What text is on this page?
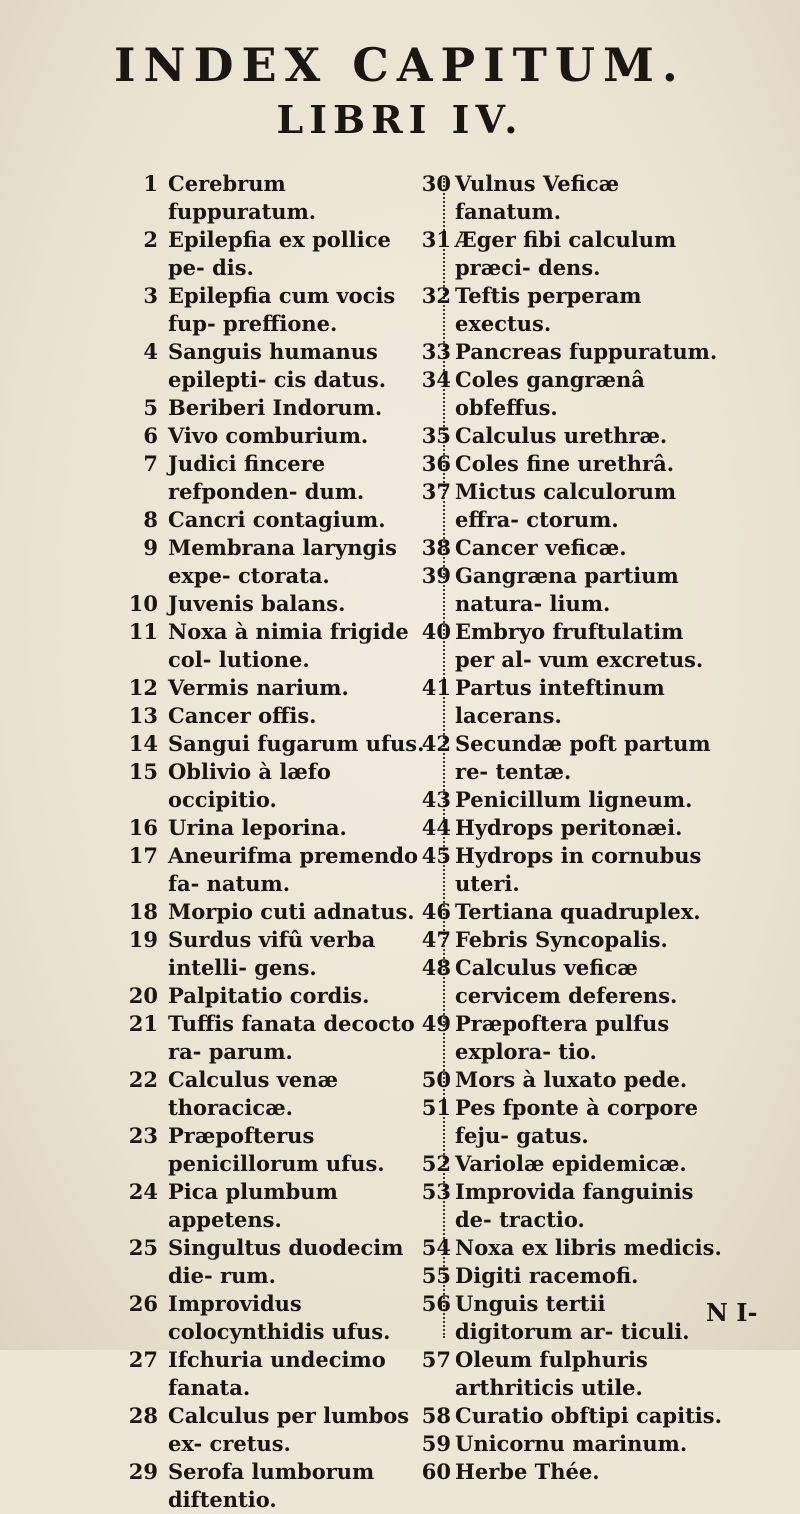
INDEX CAPITUM.
LIBRI IV.
1 Cerebrum fuppuratum.
2 Epilepfia ex pollice pe- dis.
3 Epilepfia cum vocis fup- preffione.
4 Sanguis humanus epilepti- cis datus.
5 Beriberi Indorum.
6 Vivo comburium.
7 Judici fincere refponden- dum.
8 Cancri contagium.
9 Membrana laryngis expe- ctorata.
10 Juvenis balans.
11 Noxa à nimia frigide col- lutione.
12 Vermis narium.
13 Cancer offis.
14 Sangui fugarum ufus.
15 Oblivio à læfo occipitio.
16 Urina leporina.
17 Aneurifma premendo fa- natum.
18 Morpio cuti adnatus.
19 Surdus vifû verba intelli- gens.
20 Palpitatio cordis.
21 Tuffis fanata decocto ra- parum.
22 Calculus venæ thoracicæ.
23 Præpofterus penicillorum ufus.
24 Pica plumbum appetens.
25 Singultus duodecim die- rum.
26 Improvidus colocynthidis ufus.
27 Ifchuria undecimo fanata.
28 Calculus per lumbos ex- cretus.
29 Serofa lumborum diftentio.
30 Vulnus Veficæ fanatum.
31 Æger fibi calculum præci- dens.
32 Teftis perperam exectus.
33 Pancreas fuppuratum.
34 Coles gangrænâ obfeffus.
35 Calculus urethræ.
36 Coles fine urethrâ.
37 Mictus calculorum effra- ctorum.
38 Cancer veficæ.
39 Gangræna partium natura- lium.
40 Embryo fruftulatim per al- vum excretus.
41 Partus inteftinum lacerans.
42 Secundæ poft partum re- tentæ.
43 Penicillum ligneum.
44 Hydrops peritonæi.
45 Hydrops in cornubus uteri.
46 Tertiana quadruplex.
47 Febris Syncopalis.
48 Calculus veficæ cervicem deferens.
49 Præpoftera pulfus explora- tio.
50 Mors à luxato pede.
51 Pes fponte à corpore feju- gatus.
52 Variolæ epidemicæ.
53 Improvida fanguinis de- tractio.
54 Noxa ex libris medicis.
55 Digiti racemofi.
56 Unguis tertii digitorum ar- ticuli.
57 Oleum fulphuris arthriticis utile.
58 Curatio obftipi capitis.
59 Unicornu marinum.
60 Herbe Thée.
N I-
